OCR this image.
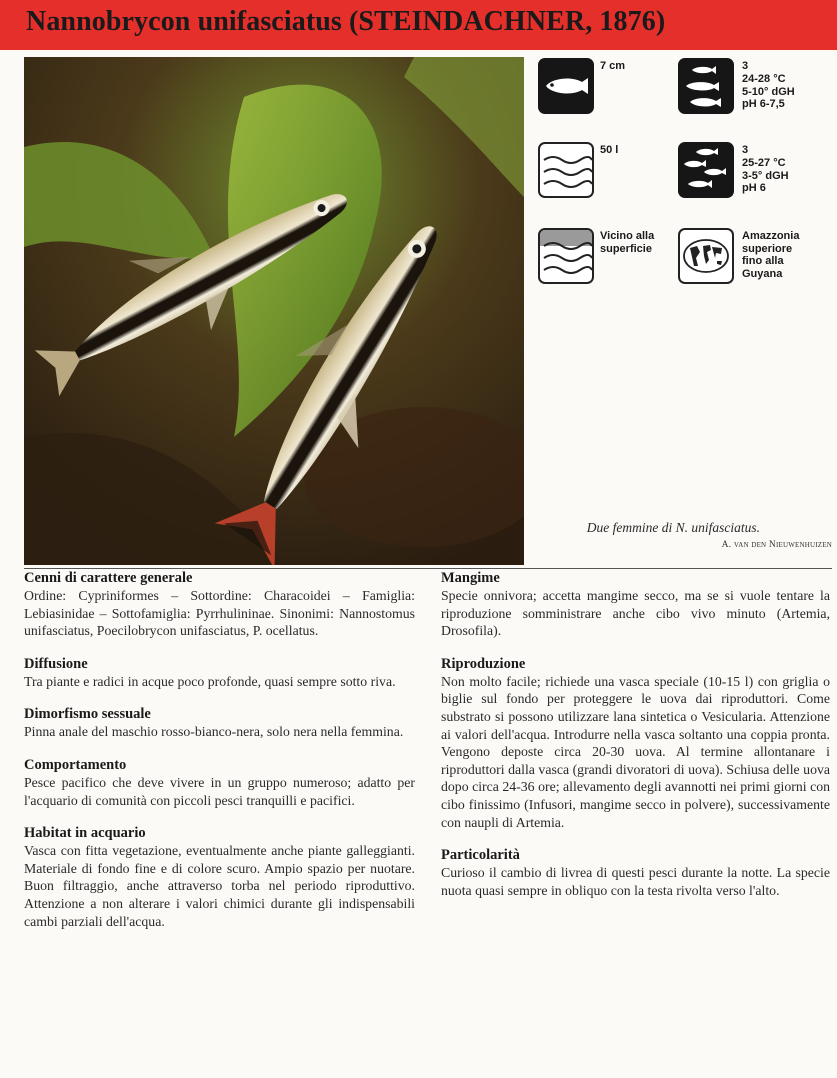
Nannobrycon unifasciatus (STEINDACHNER, 1876)
Due femmine di N. unifasciatus.
A. van den Nieuwenhuizen
7 cm	3
24-28 °C
5-10° dGH
pH 6-7,5
50 l	3
25-27 °C
3-5° dGH
pH 6
Vicino alla
superficie
Amazzonia
superiore
fino alla
Guyana
Cenni di carattere generale

Ordine: Cypriniformes – Sottordine: Characoidei – Famiglia: Lebiasinidae – Sottofamiglia: Pyrrhulininae. Sinonimi: Nannostomus unifasciatus, Poecilobrycon unifasciatus, P. ocellatus.

Diffusione

Tra piante e radici in acque poco profonde, quasi sempre sotto riva.

Dimorfismo sessuale

Pinna anale del maschio rosso-bianco-nera, solo nera nella femmina.

Comportamento

Pesce pacifico che deve vivere in un gruppo numeroso; adatto per l'acquario di comunità con piccoli pesci tranquilli e pacifici.

Habitat in acquario

Vasca con fitta vegetazione, eventualmente anche piante galleggianti. Materiale di fondo fine e di colore scuro. Ampio spazio per nuotare. Buon filtraggio, anche attraverso torba nel periodo riproduttivo. Attenzione a non alterare i valori chimici durante gli indispensabili cambi parziali dell'acqua.

Mangime

Specie onnivora; accetta mangime secco, ma se si vuole tentare la riproduzione somministrare anche cibo vivo minuto (Artemia, Drosofila).

Riproduzione

Non molto facile; richiede una vasca speciale (10-15 l) con griglia o biglie sul fondo per proteggere le uova dai riproduttori. Come substrato si possono utilizzare lana sintetica o Vesicularia. Attenzione ai valori dell'acqua. Introdurre nella vasca soltanto una coppia pronta. Vengono deposte circa 20-30 uova. Al termine allontanare i riproduttori dalla vasca (grandi divoratori di uova). Schiusa delle uova dopo circa 24-36 ore; allevamento degli avannotti nei primi giorni con cibo finissimo (Infusori, mangime secco in polvere), successivamente con naupli di Artemia.

Particolarità

Curioso il cambio di livrea di questi pesci durante la notte. La specie nuota quasi sempre in obliquo con la testa rivolta verso l'alto.
